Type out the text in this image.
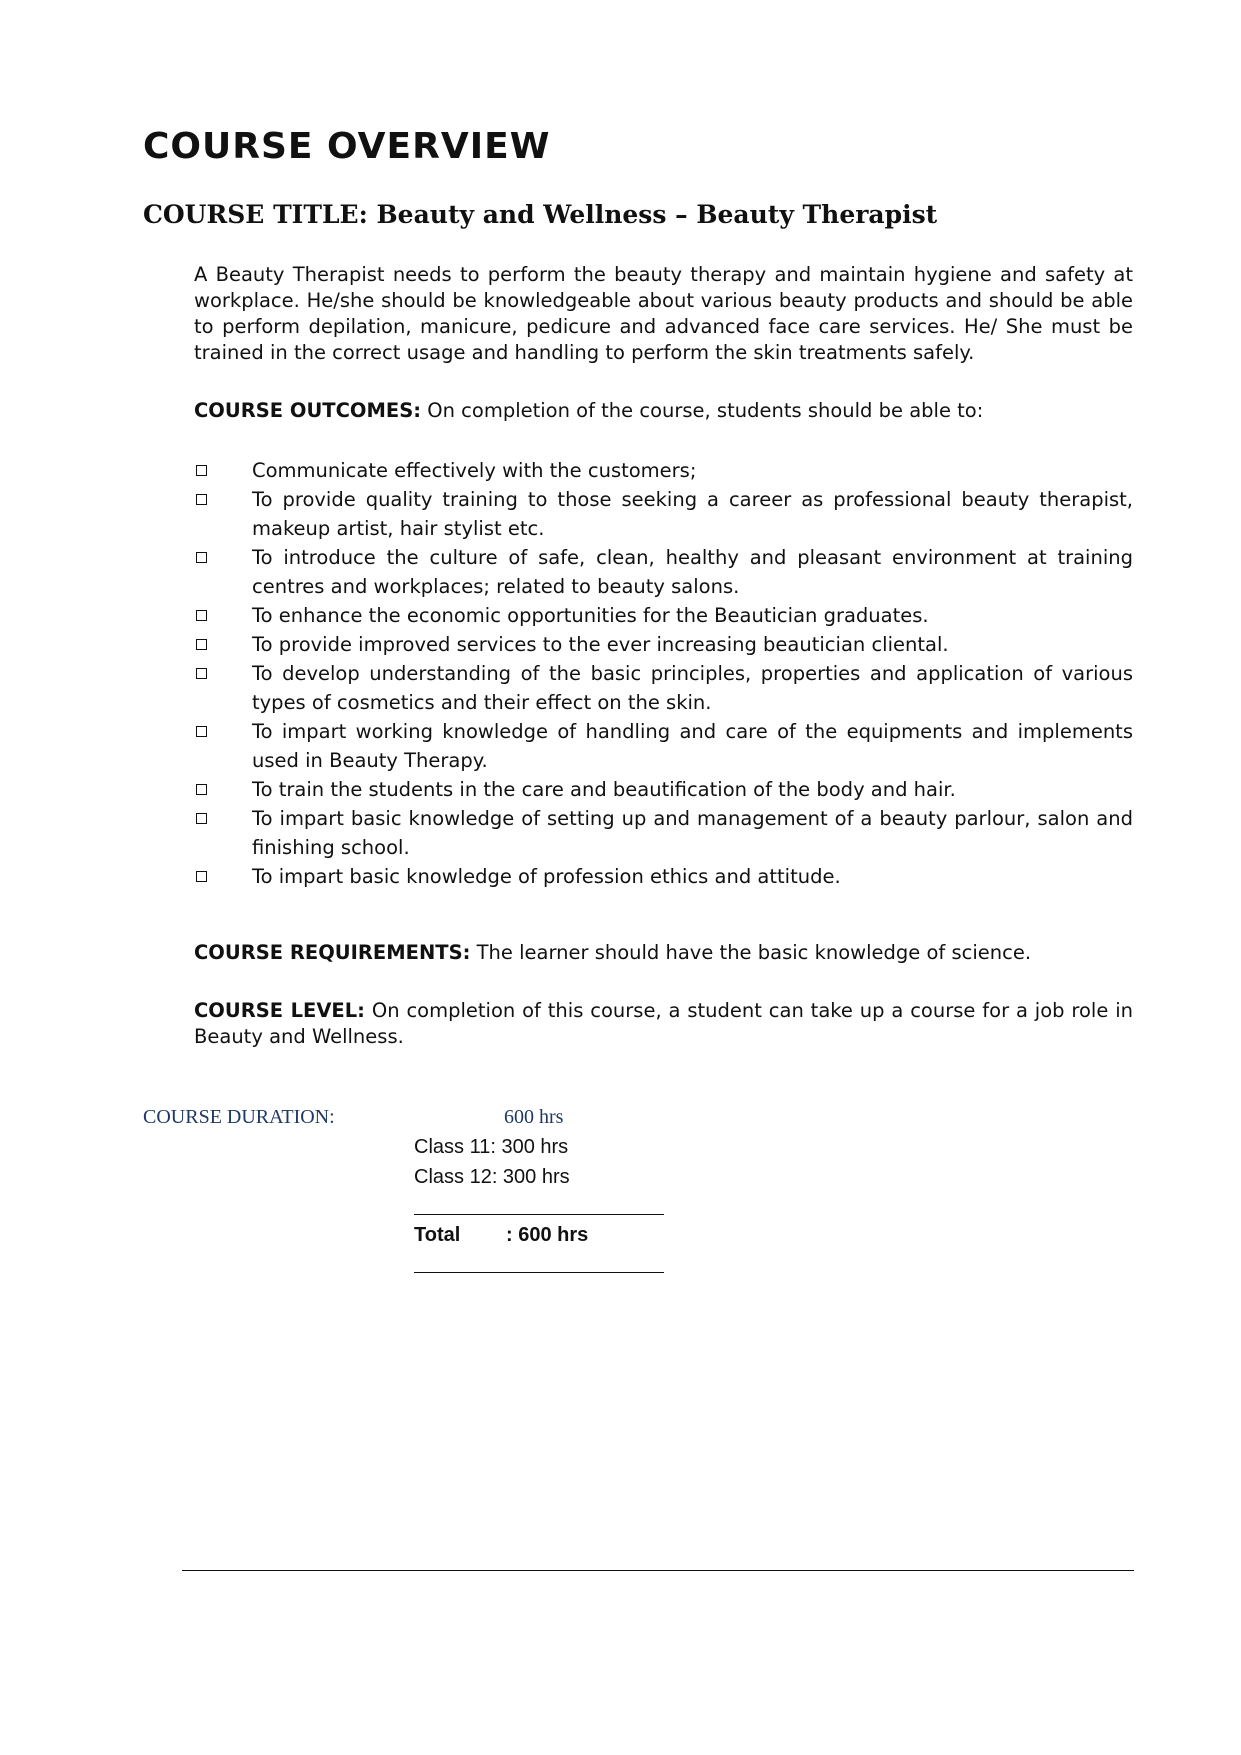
COURSE OVERVIEW
COURSE TITLE: Beauty and Wellness – Beauty Therapist

A Beauty Therapist needs to perform the beauty therapy and maintain hygiene and safety at workplace. He/she should be knowledgeable about various beauty products and should be able to perform depilation, manicure, pedicure and advanced face care services. He/ She must be trained in the correct usage and handling to perform the skin treatments safely.

COURSE OUTCOMES: On completion of the course, students should be able to:

Communicate effectively with the customers;
To provide quality training to those seeking a career as professional beauty therapist, makeup artist, hair stylist etc.
To introduce the culture of safe, clean, healthy and pleasant environment at training centres and workplaces; related to beauty salons.
To enhance the economic opportunities for the Beautician graduates.
To provide improved services to the ever increasing beautician cliental.
To develop understanding of the basic principles, properties and application of various types of cosmetics and their effect on the skin.
To impart working knowledge of handling and care of the equipments and implements used in Beauty Therapy.
To train the students in the care and beautification of the body and hair.
To impart basic knowledge of setting up and management of a beauty parlour, salon and finishing school.
To impart basic knowledge of profession ethics and attitude.

COURSE REQUIREMENTS: The learner should have the basic knowledge of science.

COURSE LEVEL: On completion of this course, a student can take up a course for a job role in Beauty and Wellness.

COURSE DURATION:	600 hrs
Class 11: 300 hrs
Class 12: 300 hrs
Total : 600 hrs
